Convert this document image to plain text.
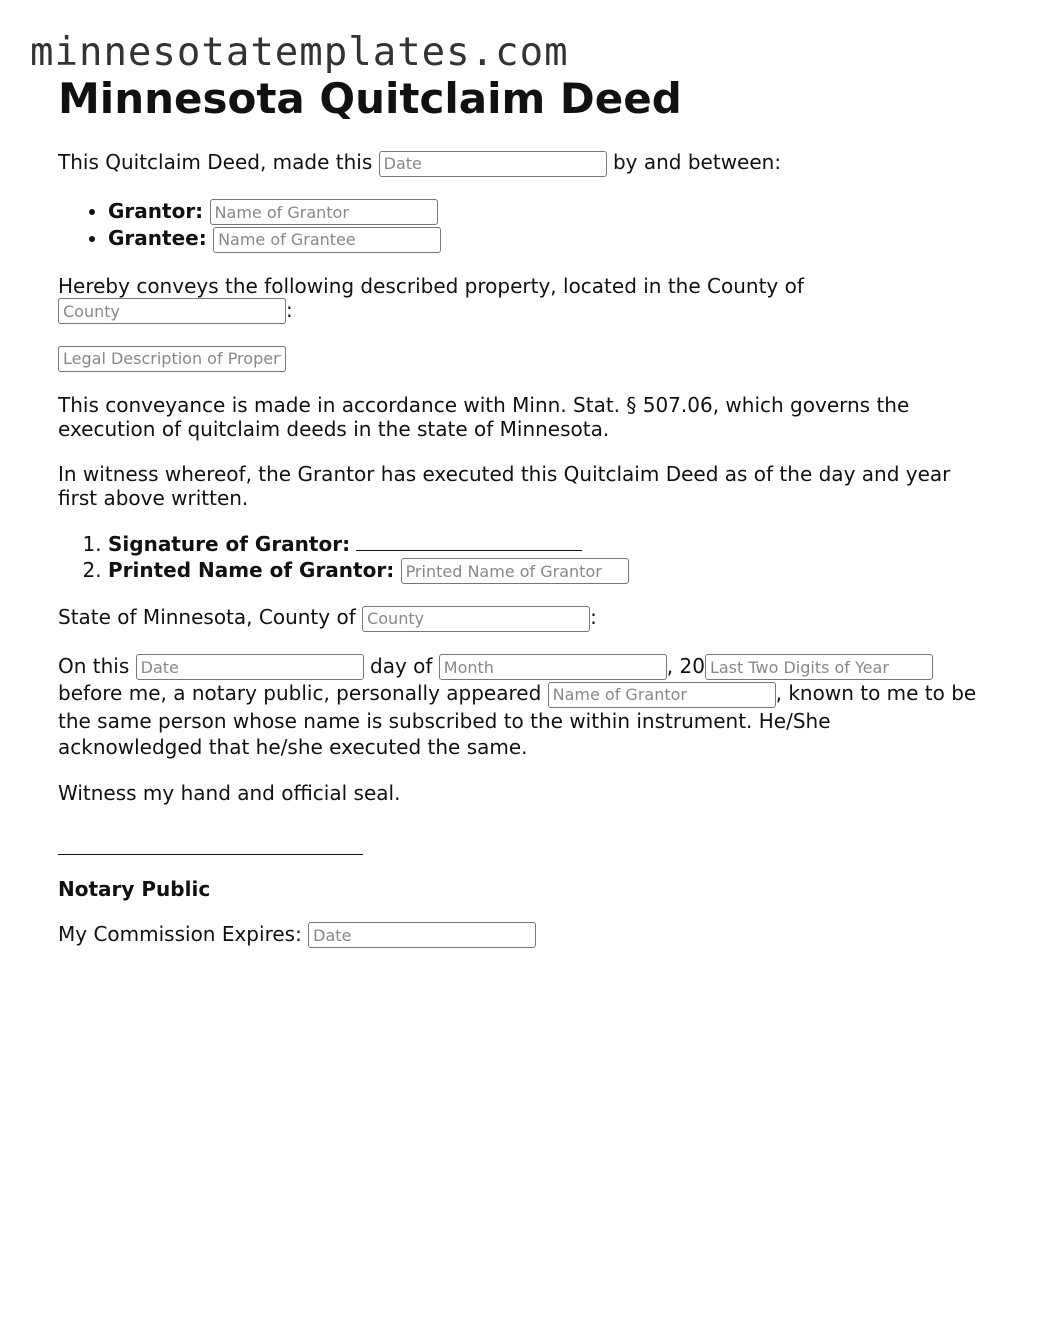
minnesotatemplates.com
Minnesota Quitclaim Deed

This Quitclaim Deed, made this Date	by and between:

• Grantor: Name of Grantor
• Grantee: Name of Grantee

Hereby conveys the following described property, located in the County of
County:

Legal Description of Property

This conveyance is made in accordance with Minn. Stat. § 507.06, which governs the execution of quitclaim deeds in the state of Minnesota.

In witness whereof, the Grantor has executed this Quitclaim Deed as of the day and year first above written.

1. Signature of Grantor:
2. Printed Name of Grantor: Printed Name of Grantor

State of Minnesota, County of County	:

On this Date	day of Month	, 20Last Two Digits of Year before me, a notary public, personally appeared Name of Grantor	, known to me to be the same person whose name is subscribed to the within instrument. He/She acknowledged that he/she executed the same.

Witness my hand and official seal.

Notary Public

My Commission Expires: Date
